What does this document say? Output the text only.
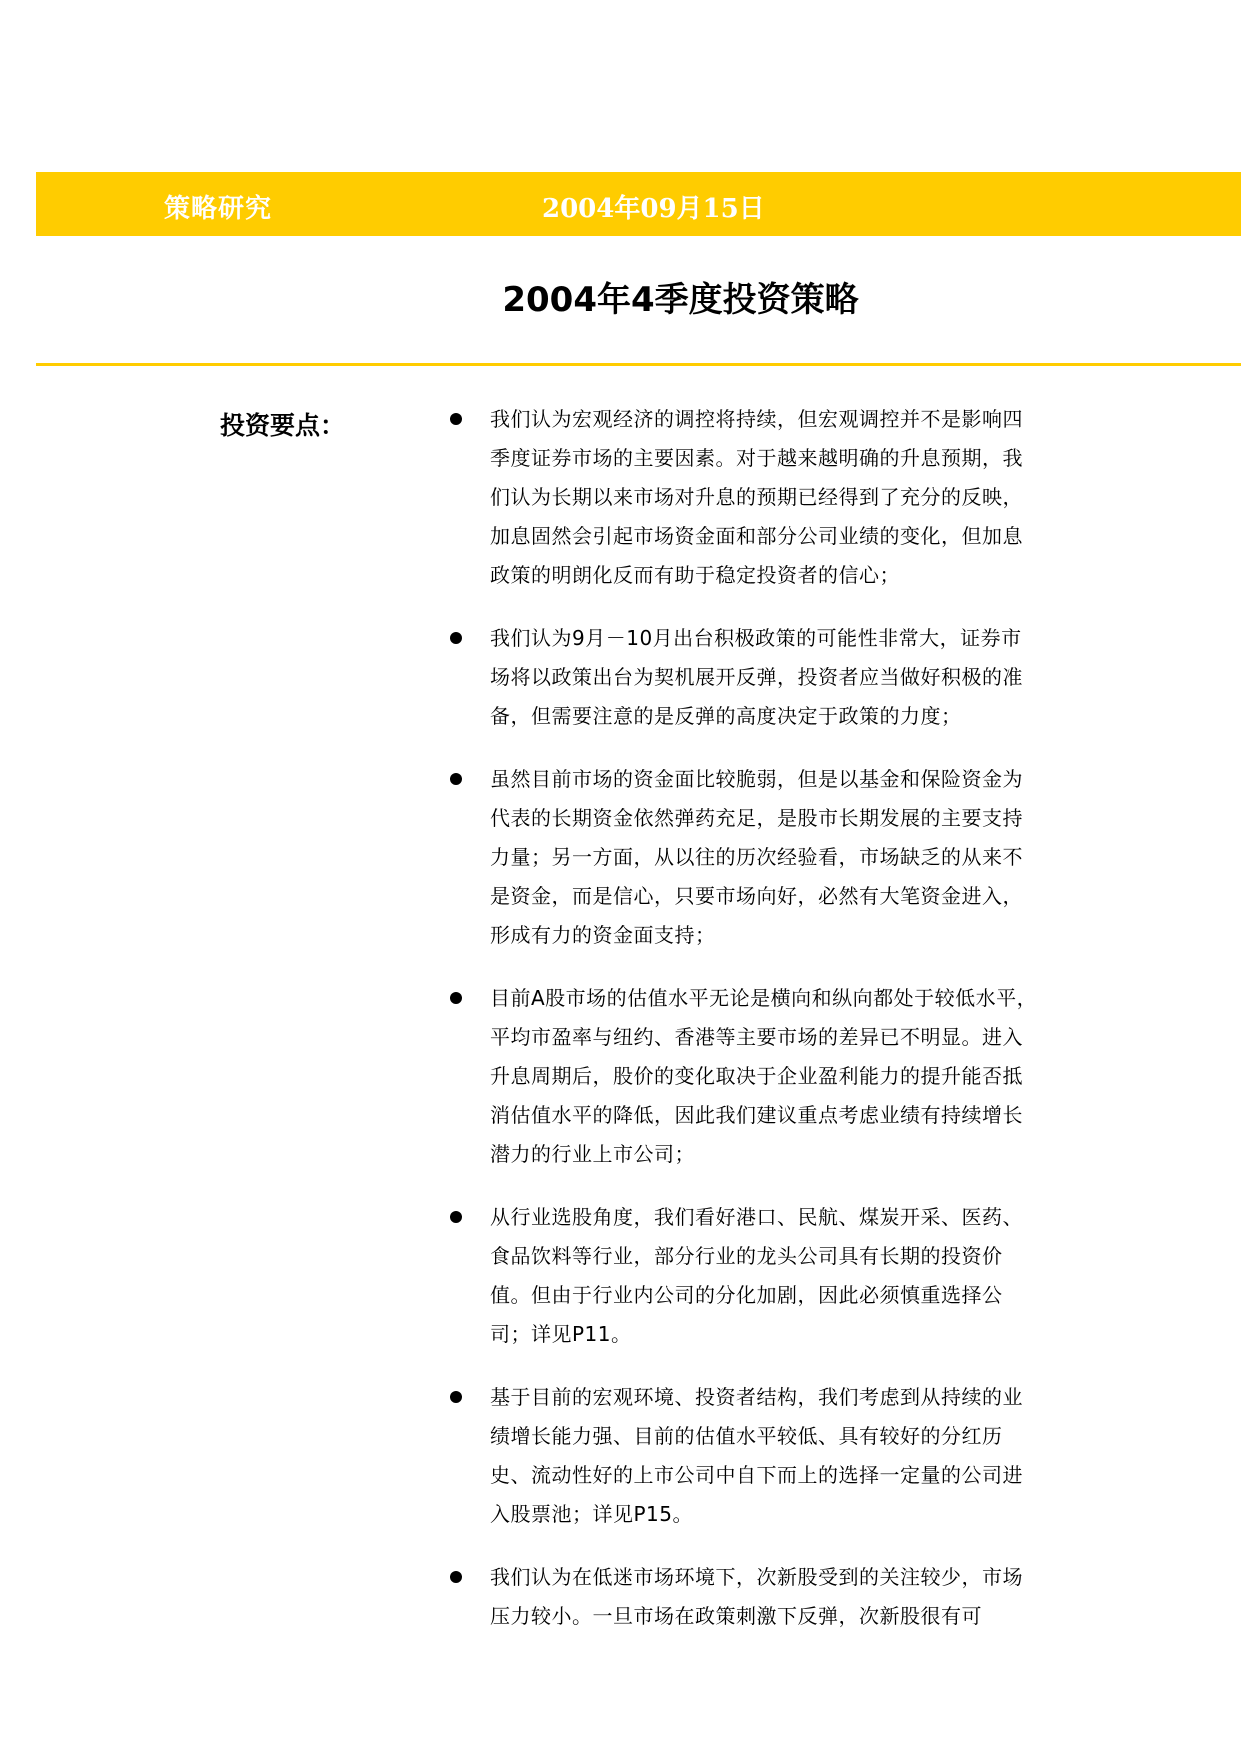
策略研究	2004年09月15日
2004年4季度投资策略
投资要点：	我们认为宏观经济的调控将持续，但宏观调控并不是影响四季度证券市场的主要因素。对于越来越明确的升息预期，我们认为长期以来市场对升息的预期已经得到了充分的反映，加息固然会引起市场资金面和部分公司业绩的变化，但加息政策的明朗化反而有助于稳定投资者的信心；
我们认为9月－10月出台积极政策的可能性非常大，证券市场将以政策出台为契机展开反弹，投资者应当做好积极的准备，但需要注意的是反弹的高度决定于政策的力度；
虽然目前市场的资金面比较脆弱，但是以基金和保险资金为代表的长期资金依然弹药充足，是股市长期发展的主要支持力量；另一方面，从以往的历次经验看，市场缺乏的从来不是资金，而是信心，只要市场向好，必然有大笔资金进入，形成有力的资金面支持；
目前A股市场的估值水平无论是横向和纵向都处于较低水平，平均市盈率与纽约、香港等主要市场的差异已不明显。进入升息周期后，股价的变化取决于企业盈利能力的提升能否抵消估值水平的降低，因此我们建议重点考虑业绩有持续增长潜力的行业上市公司；
从行业选股角度，我们看好港口、民航、煤炭开采、医药、食品饮料等行业，部分行业的龙头公司具有长期的投资价值。但由于行业内公司的分化加剧，因此必须慎重选择公司；详见P11。
基于目前的宏观环境、投资者结构，我们考虑到从持续的业绩增长能力强、目前的估值水平较低、具有较好的分红历史、流动性好的上市公司中自下而上的选择一定量的公司进入股票池；详见P15。
我们认为在低迷市场环境下，次新股受到的关注较少，市场压力较小。一旦市场在政策刺激下反弹，次新股很有可
